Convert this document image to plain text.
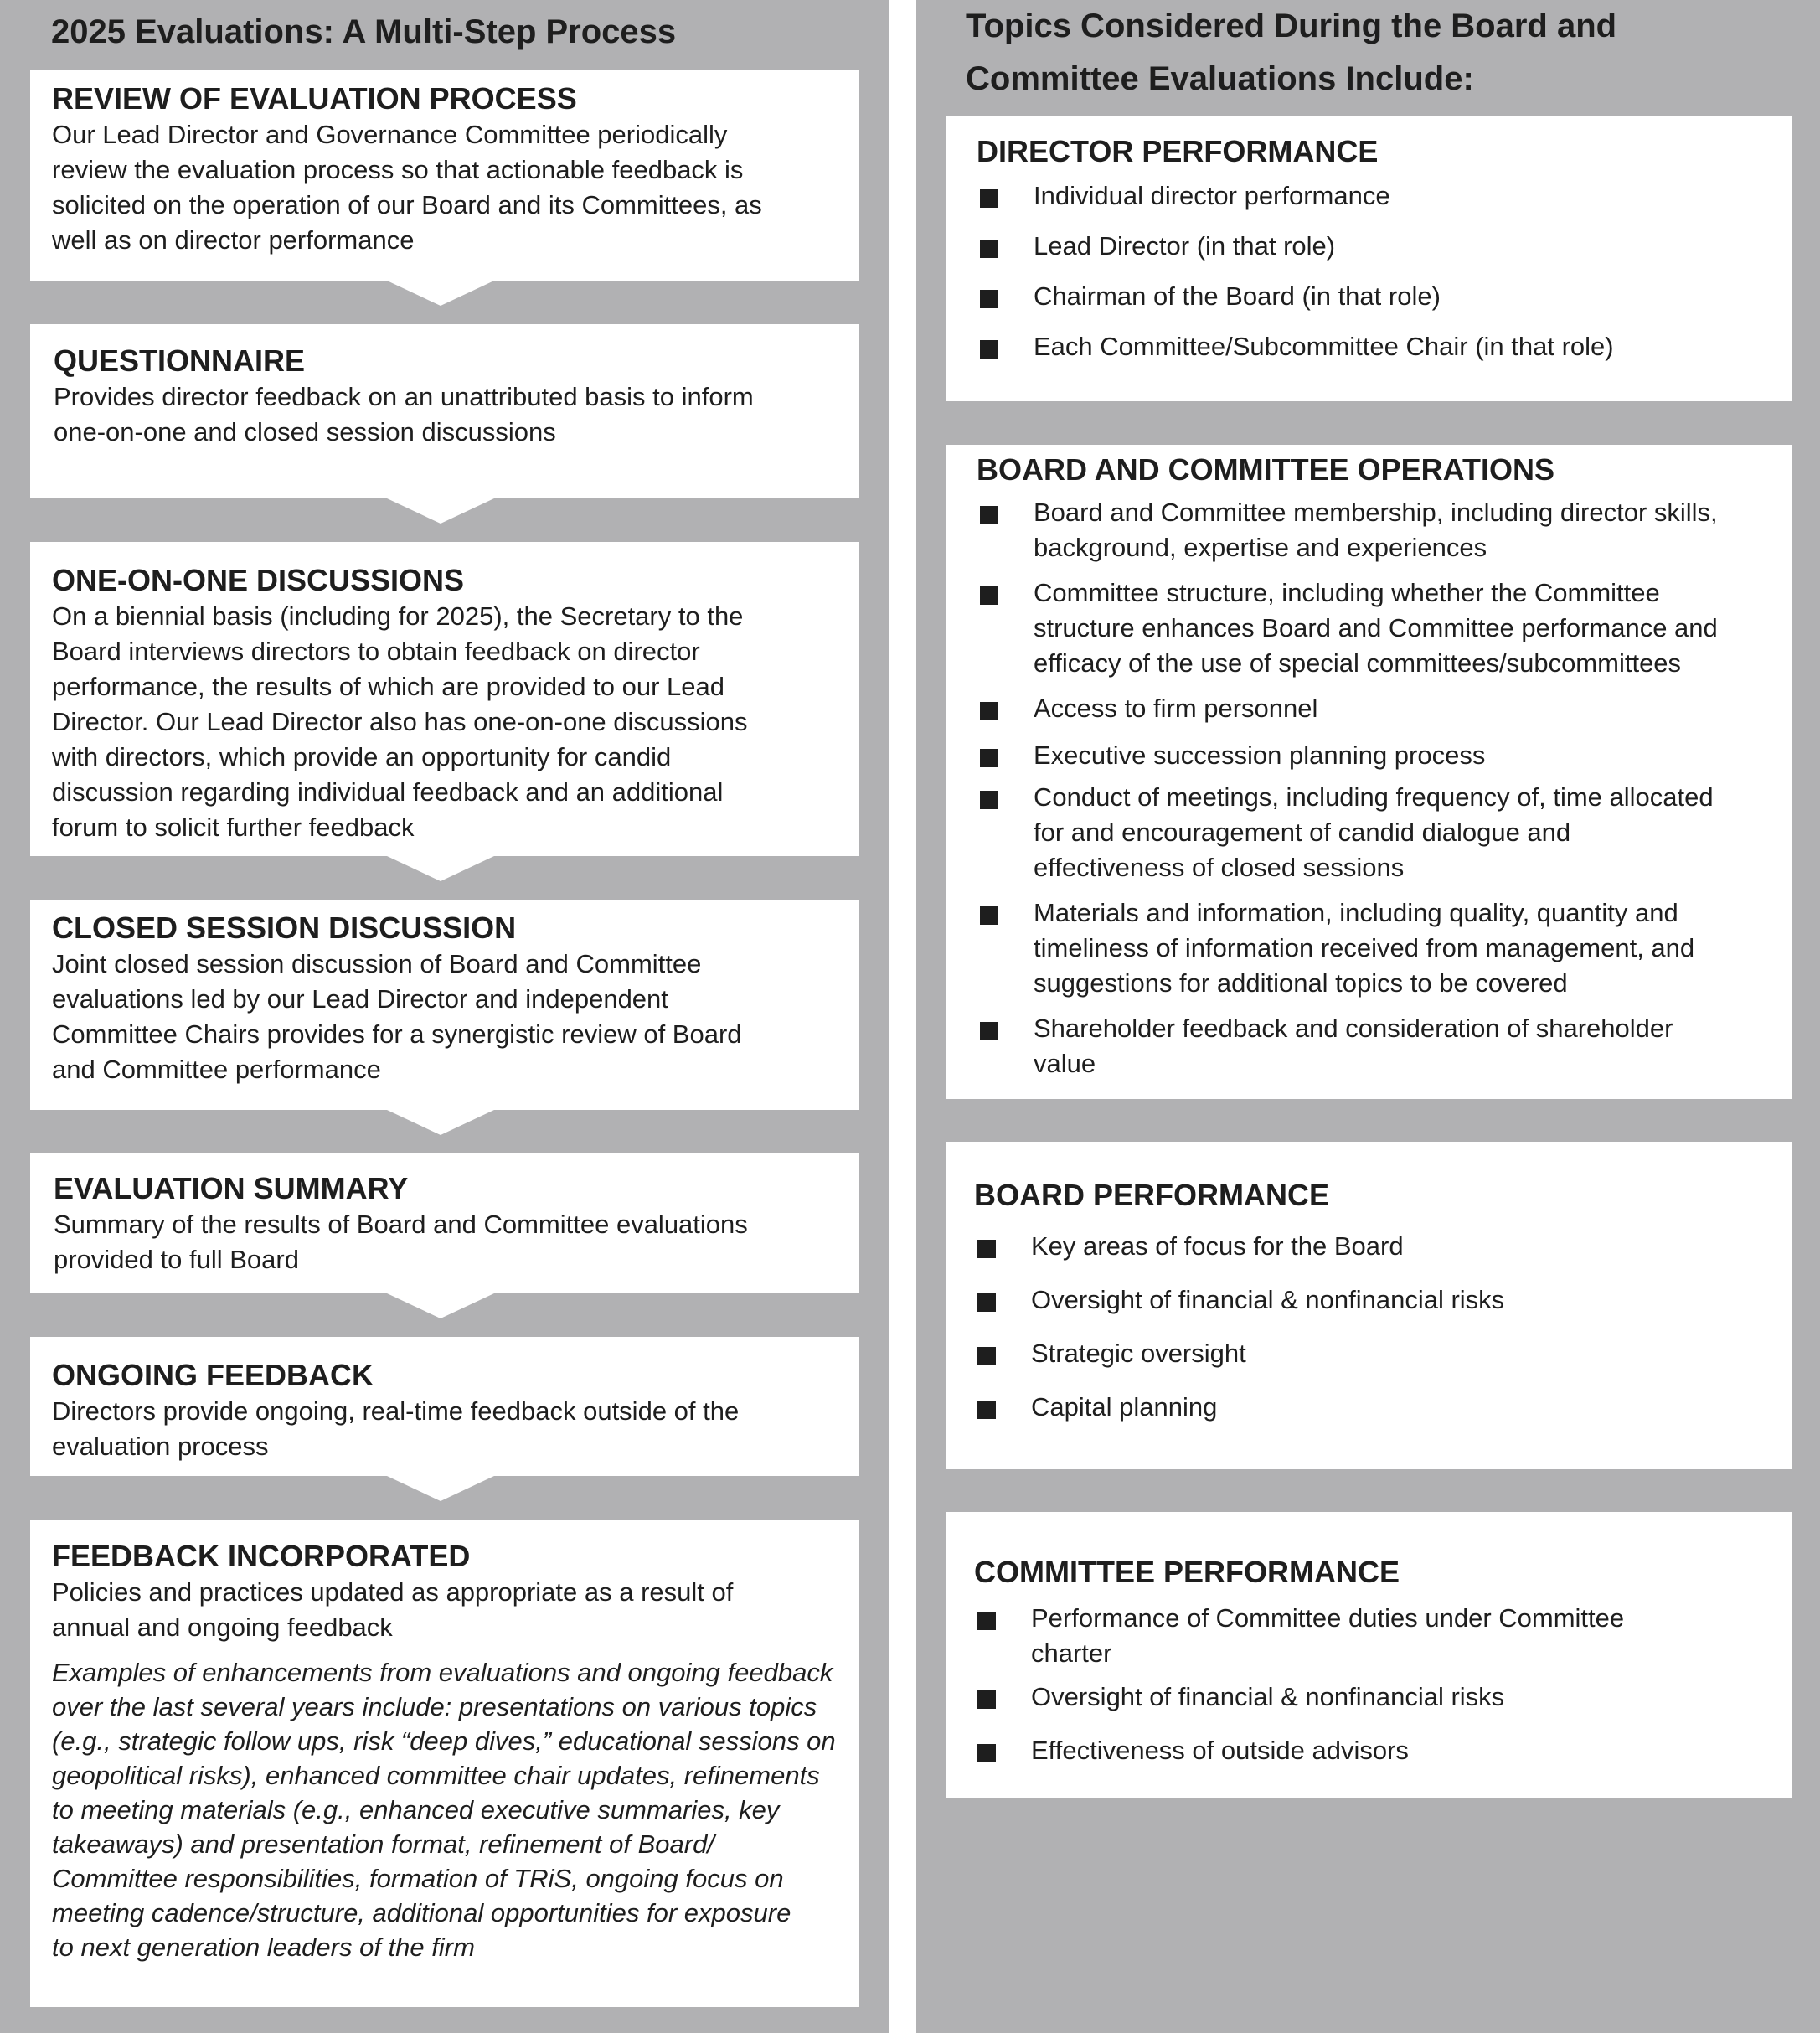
2025 Evaluations: A Multi-Step Process
REVIEW OF EVALUATION PROCESS
Our Lead Director and Governance Committee periodically
review the evaluation process so that actionable feedback is
solicited on the operation of our Board and its Committees, as
well as on director performance
QUESTIONNAIRE
Provides director feedback on an unattributed basis to inform
one-on-one and closed session discussions
ONE-ON-ONE DISCUSSIONS
On a biennial basis (including for 2025), the Secretary to the
Board interviews directors to obtain feedback on director
performance, the results of which are provided to our Lead
Director. Our Lead Director also has one-on-one discussions
with directors, which provide an opportunity for candid
discussion regarding individual feedback and an additional
forum to solicit further feedback
CLOSED SESSION DISCUSSION
Joint closed session discussion of Board and Committee
evaluations led by our Lead Director and independent
Committee Chairs provides for a synergistic review of Board
and Committee performance
EVALUATION SUMMARY
Summary of the results of Board and Committee evaluations
provided to full Board
ONGOING FEEDBACK
Directors provide ongoing, real-time feedback outside of the
evaluation process
FEEDBACK INCORPORATED
Policies and practices updated as appropriate as a result of
annual and ongoing feedback
Examples of enhancements from evaluations and ongoing feedback
over the last several years include: presentations on various topics
(e.g., strategic follow ups, risk “deep dives,” educational sessions on
geopolitical risks), enhanced committee chair updates, refinements
to meeting materials (e.g., enhanced executive summaries, key
takeaways) and presentation format, refinement of Board/
Committee responsibilities, formation of TRiS, ongoing focus on
meeting cadence/structure, additional opportunities for exposure
to next generation leaders of the firm
Topics Considered During the Board and
Committee Evaluations Include:
DIRECTOR PERFORMANCE
Individual director performance
Lead Director (in that role)
Chairman of the Board (in that role)
Each Committee/Subcommittee Chair (in that role)
BOARD AND COMMITTEE OPERATIONS
Board and Committee membership, including director skills,
background, expertise and experiences
Committee structure, including whether the Committee
structure enhances Board and Committee performance and
efficacy of the use of special committees/subcommittees
Access to firm personnel
Executive succession planning process
Conduct of meetings, including frequency of, time allocated
for and encouragement of candid dialogue and
effectiveness of closed sessions
Materials and information, including quality, quantity and
timeliness of information received from management, and
suggestions for additional topics to be covered
Shareholder feedback and consideration of shareholder
value
BOARD PERFORMANCE
Key areas of focus for the Board
Oversight of financial & nonfinancial risks
Strategic oversight
Capital planning
COMMITTEE PERFORMANCE
Performance of Committee duties under Committee
charter
Oversight of financial & nonfinancial risks
Effectiveness of outside advisors
